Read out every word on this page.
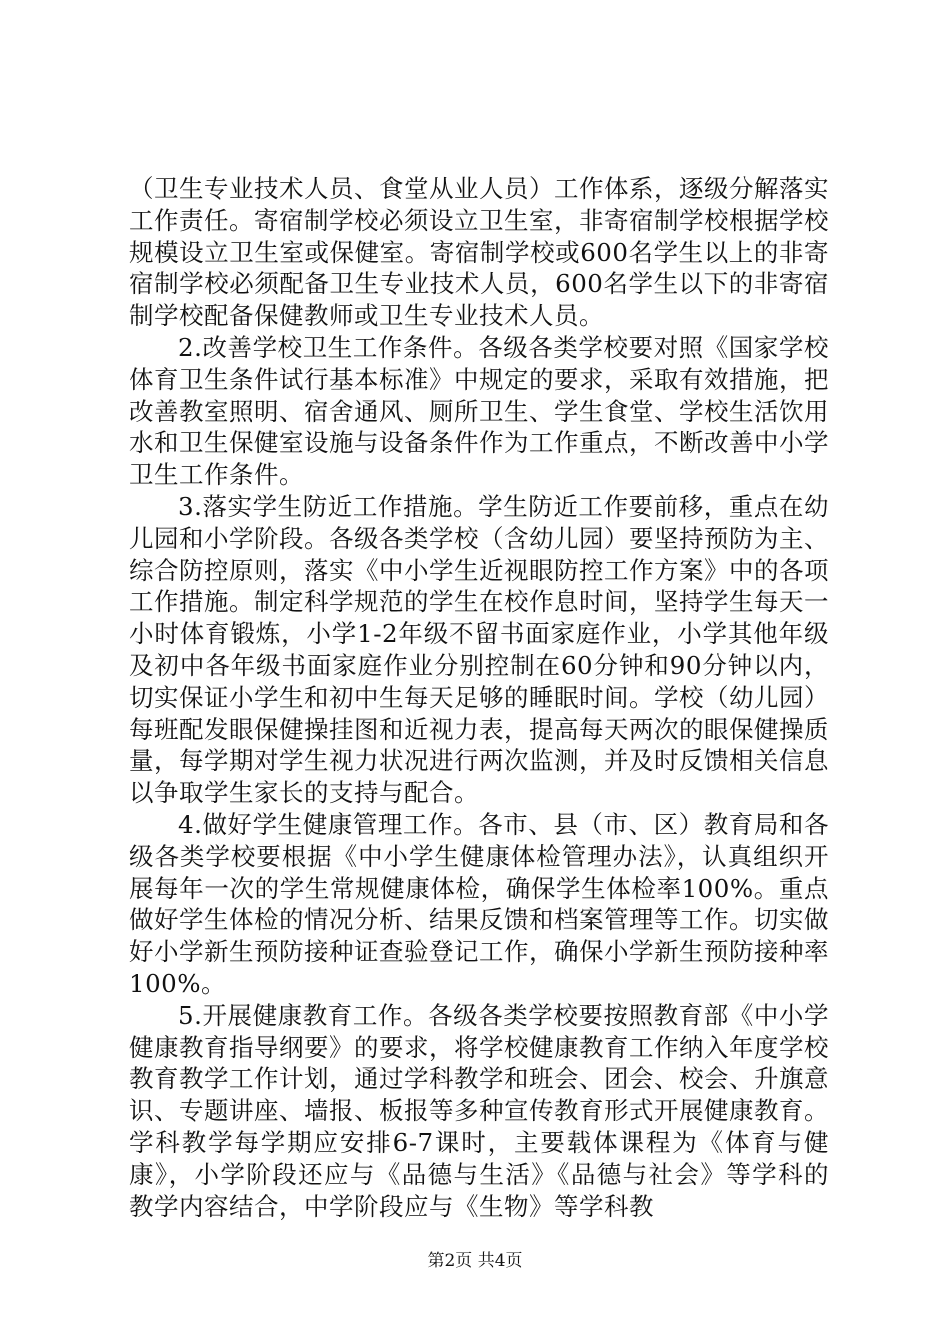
（卫生专业技术人员、食堂从业人员）工作体系，逐级分解落实工作责任。寄宿制学校必须设立卫生室，非寄宿制学校根据学校规模设立卫生室或保健室。寄宿制学校或600名学生以上的非寄宿制学校必须配备卫生专业技术人员，600名学生以下的非寄宿制学校配备保健教师或卫生专业技术人员。

2.改善学校卫生工作条件。各级各类学校要对照《国家学校体育卫生条件试行基本标准》中规定的要求，采取有效措施，把改善教室照明、宿舍通风、厕所卫生、学生食堂、学校生活饮用水和卫生保健室设施与设备条件作为工作重点，不断改善中小学卫生工作条件。

3.落实学生防近工作措施。学生防近工作要前移，重点在幼儿园和小学阶段。各级各类学校（含幼儿园）要坚持预防为主、综合防控原则，落实《中小学生近视眼防控工作方案》中的各项工作措施。制定科学规范的学生在校作息时间，坚持学生每天一小时体育锻炼，小学1-2年级不留书面家庭作业，小学其他年级及初中各年级书面家庭作业分别控制在60分钟和90分钟以内，切实保证小学生和初中生每天足够的睡眠时间。学校（幼儿园）每班配发眼保健操挂图和近视力表，提高每天两次的眼保健操质量，每学期对学生视力状况进行两次监测，并及时反馈相关信息以争取学生家长的支持与配合。

4.做好学生健康管理工作。各市、县（市、区）教育局和各级各类学校要根据《中小学生健康体检管理办法》，认真组织开展每年一次的学生常规健康体检，确保学生体检率100%。重点做好学生体检的情况分析、结果反馈和档案管理等工作。切实做好小学新生预防接种证查验登记工作，确保小学新生预防接种率100%。

5.开展健康教育工作。各级各类学校要按照教育部《中小学健康教育指导纲要》的要求，将学校健康教育工作纳入年度学校教育教学工作计划，通过学科教学和班会、团会、校会、升旗意识、专题讲座、墙报、板报等多种宣传教育形式开展健康教育。学科教学每学期应安排6-7课时，主要载体课程为《体育与健康》，小学阶段还应与《品德与生活》《品德与社会》等学科的教学内容结合，中学阶段应与《生物》等学科教

第2页 共4页
